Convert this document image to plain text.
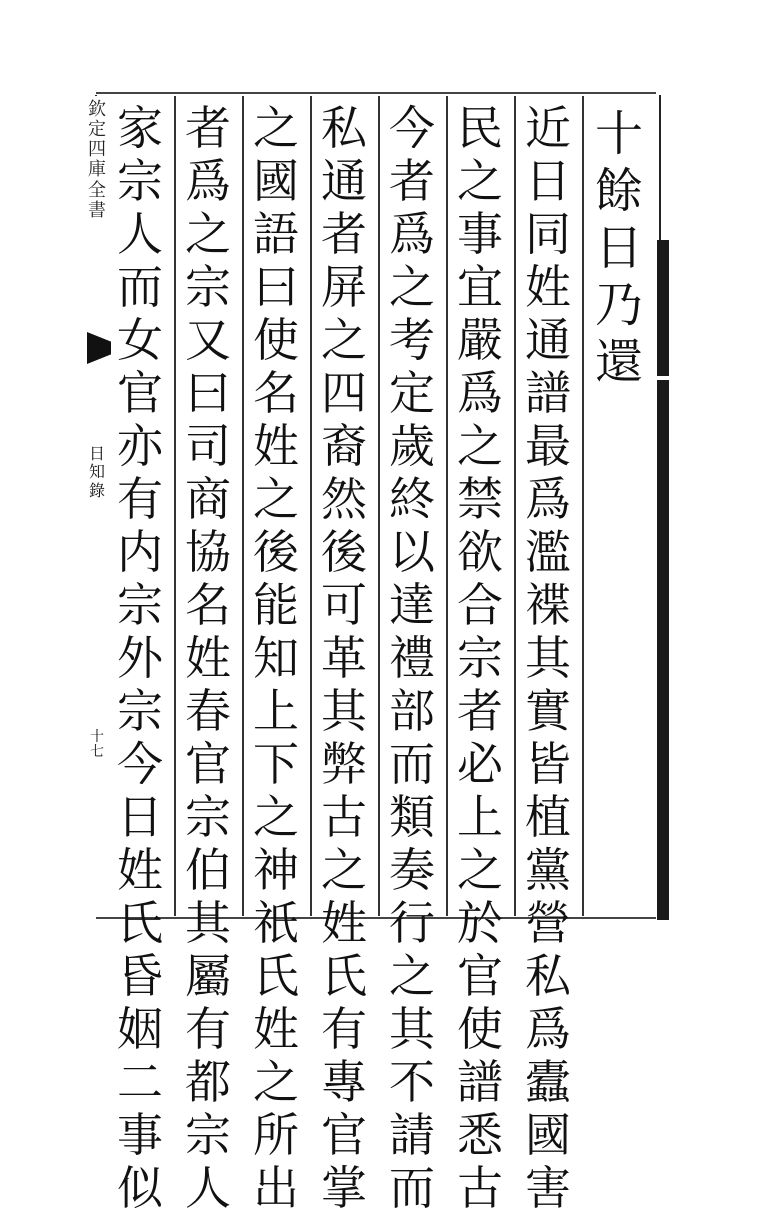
十
餘
日
乃
還
近
日
同
姓
通
譜
最
爲
濫
褋
其
實
皆
植
黨
營
私
爲
蠹
國
害
民
之
事
宜
嚴
爲
之
禁
欲
合
宗
者
必
上
之
於
官
使
譜
悉
古
今
者
爲
之
考
定
歲
終
以
達
禮
部
而
類
奏
行
之
其
不
請
而
私
通
者
屏
之
四
裔
然
後
可
革
其
弊
古
之
姓
氏
有
專
官
掌
之
國
語
曰
使
名
姓
之
後
能
知
上
下
之
神
祇
氏
姓
之
所
出
者
爲
之
宗
又
曰
司
商
協
名
姓
春
官
宗
伯
其
屬
有
都
宗
人
家
宗
人
而
女
官
亦
有
内
宗
外
宗
今
日
姓
氏
昏
姻
二
事
似
欽
定
四
庫
全
書
日
知
錄
十
七
